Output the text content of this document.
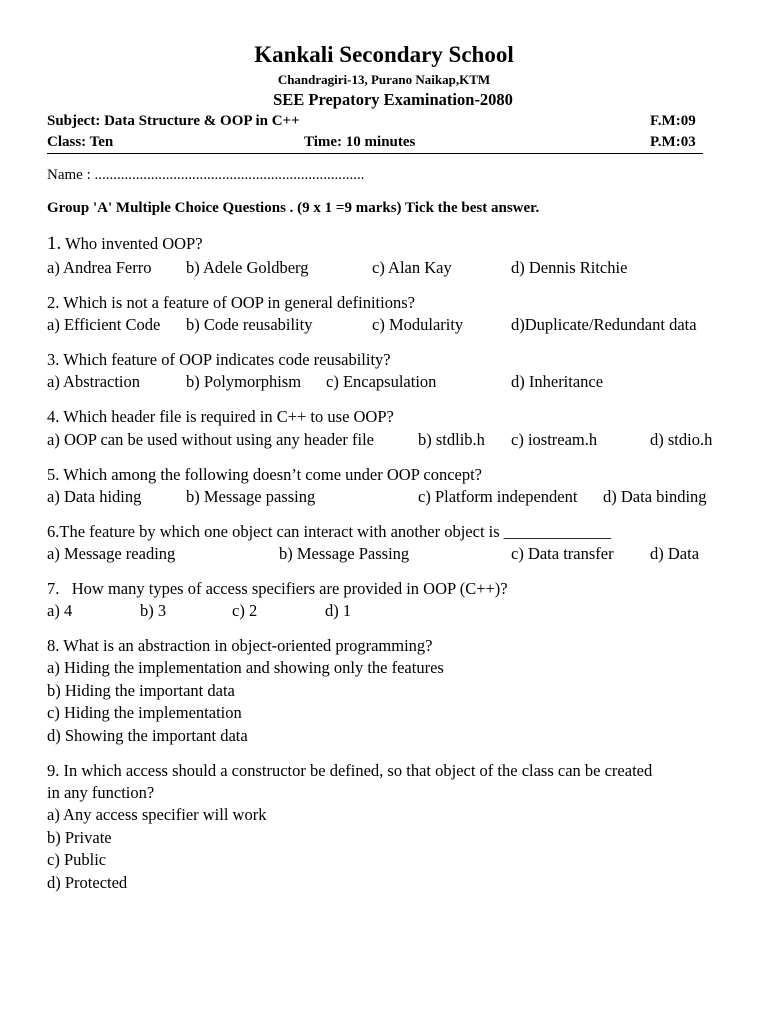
Kankali Secondary School
Chandragiri-13, Purano Naikap,KTM
SEE Prepatory Examination-2080
Subject: Data Structure & OOP in C++	F.M:09
Class: Ten	Time: 10 minutes	P.M:03
Name : ........................................................................
Group 'A' Multiple Choice Questions . (9 x 1 =9 marks) Tick the best answer.
1. Who invented OOP?
a) Andrea Ferro b) Adele Goldberg	c) Alan Kay	d) Dennis Ritchie
2. Which is not a feature of OOP in general definitions?
a) Efficient Code b) Code reusability	c) Modularity	d)Duplicate/Redundant data
3. Which feature of OOP indicates code reusability?
a) Abstraction	b) Polymorphism c) Encapsulation	d) Inheritance
4. Which header file is required in C++ to use OOP?
a) OOP can be used without using any header file	b) stdlib.h c) iostream.h	d) stdio.h
5. Which among the following doesn’t come under OOP concept?
a) Data hiding	b) Message passing	c) Platform independent d) Data binding
6.The feature by which one object can interact with another object is _____________
a) Message reading	b) Message Passing	c) Data transfer d) Data
7.   How many types of access specifiers are provided in OOP (C++)?
a) 4	b) 3	c) 2	d) 1
8. What is an abstraction in object-oriented programming?
a) Hiding the implementation and showing only the features
b) Hiding the important data
c) Hiding the implementation
d) Showing the important data
9. In which access should a constructor be defined, so that object of the class can be created
in any function?
a) Any access specifier will work
b) Private
c) Public
d) Protected
